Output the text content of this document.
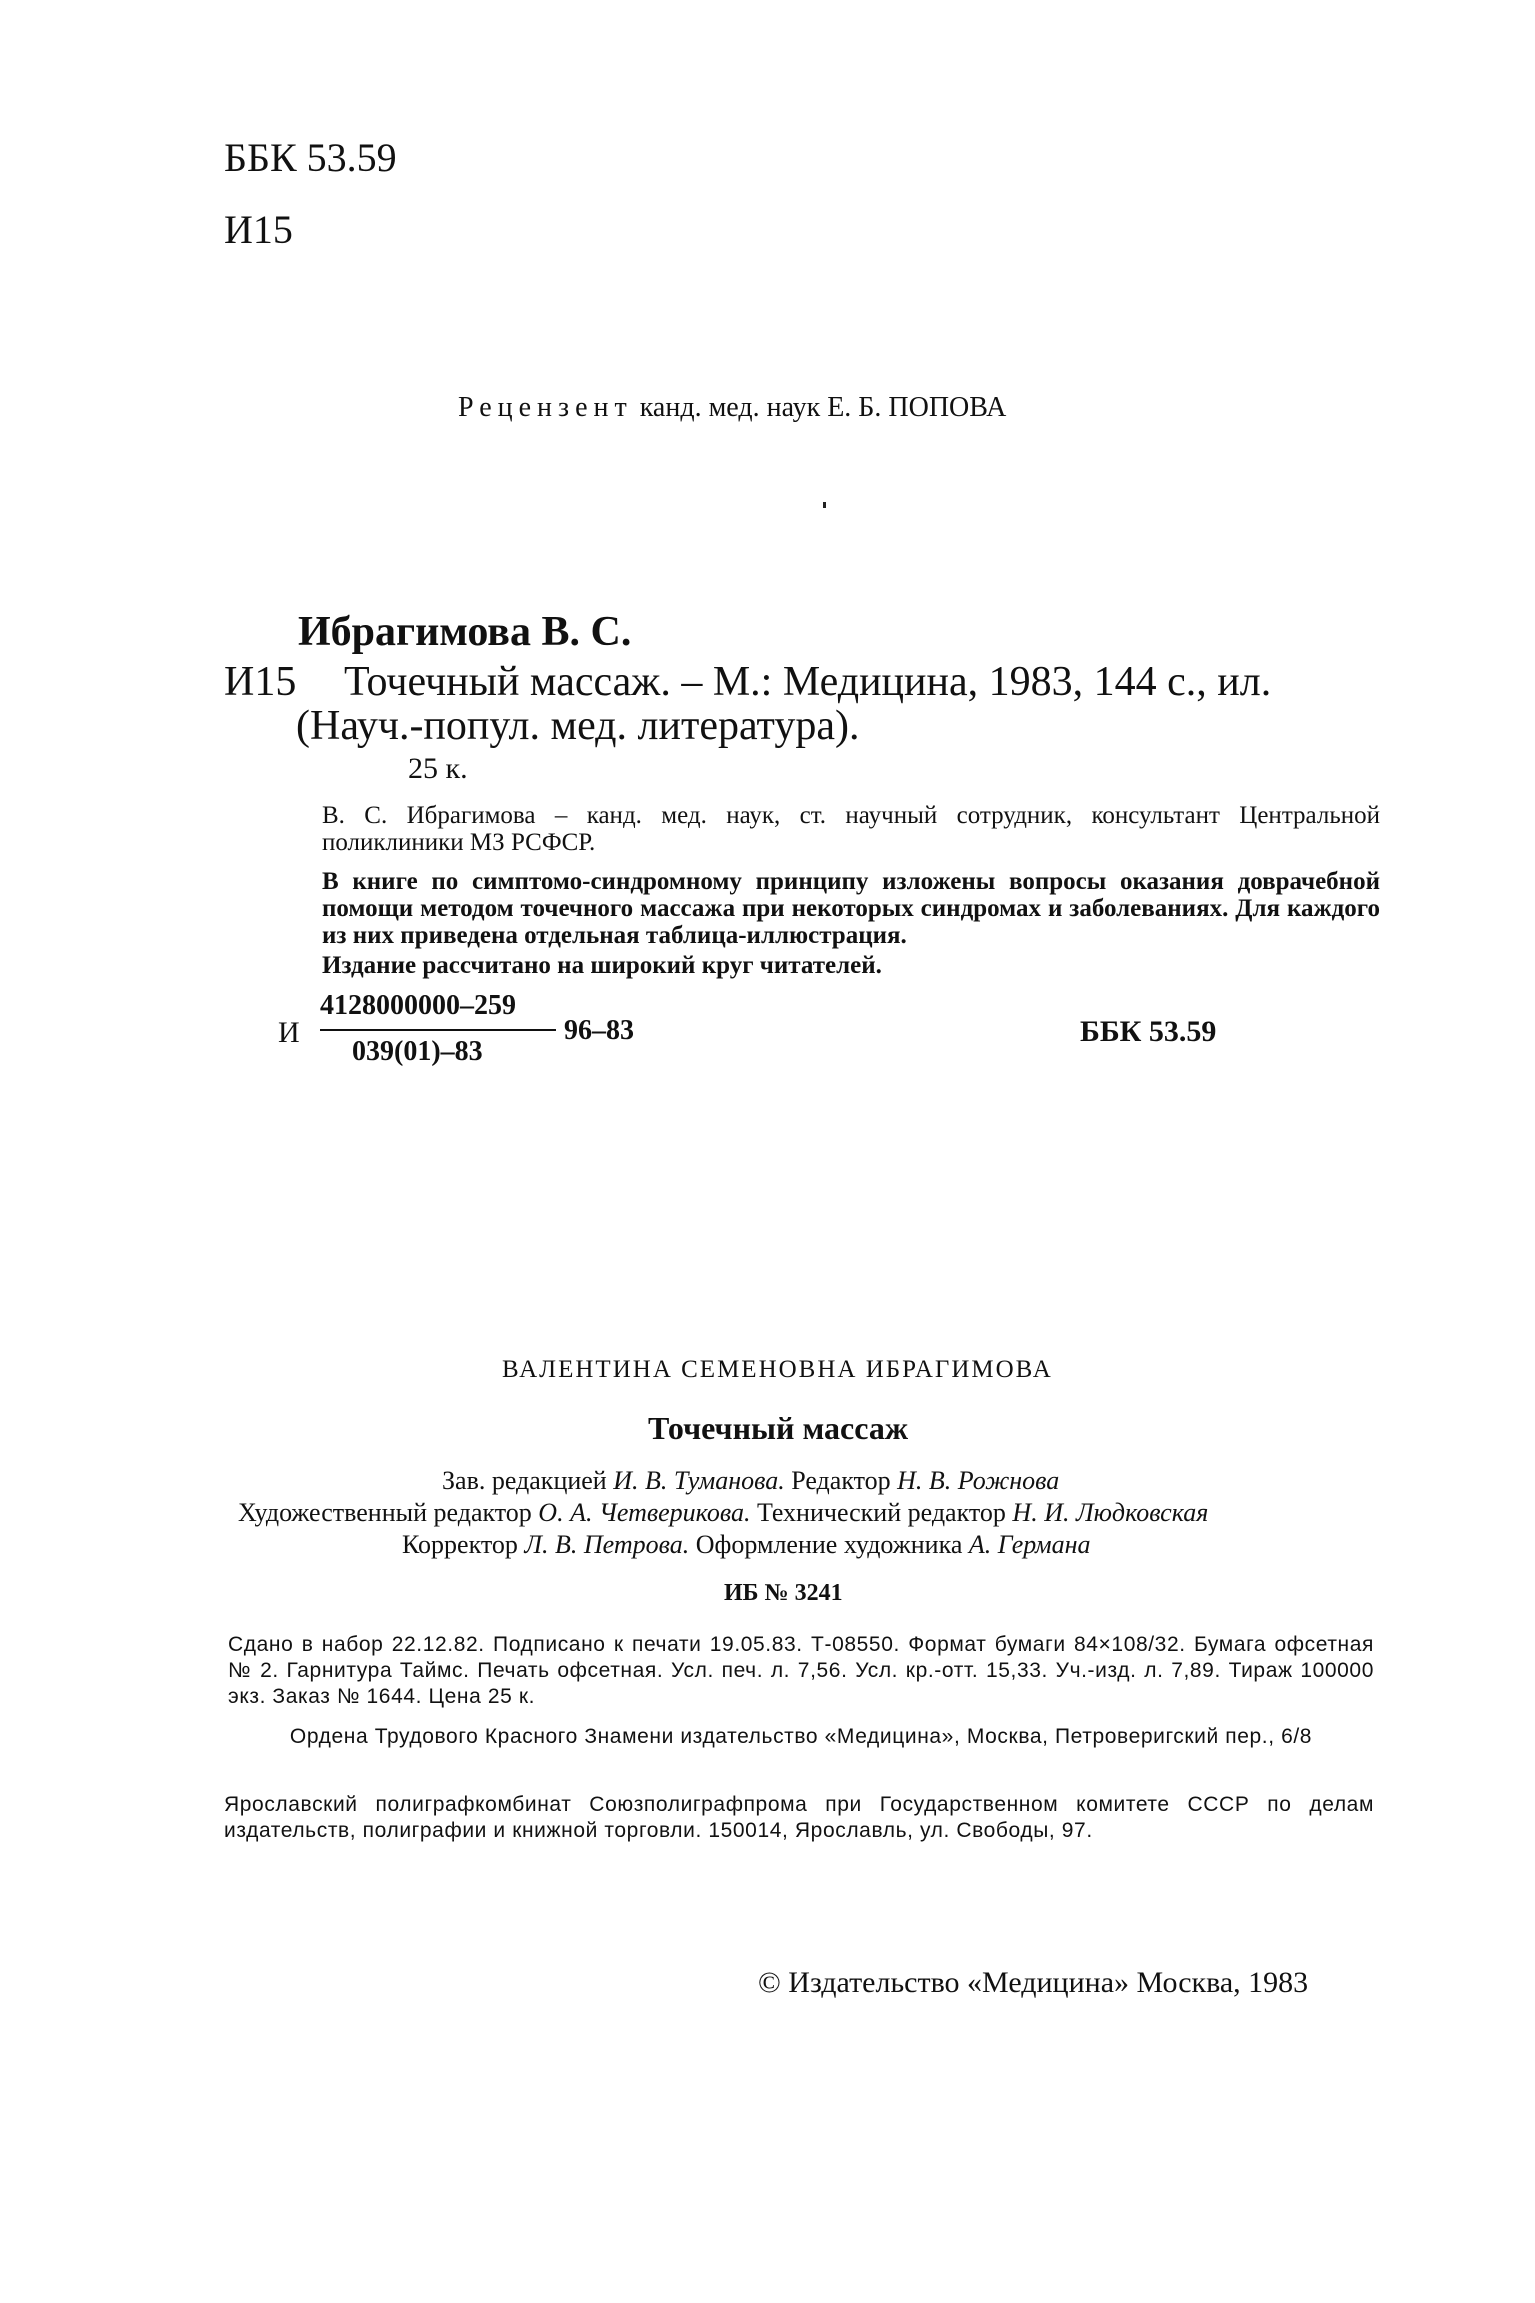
ББК 53.59
И15
Рецензент канд. мед. наук Е. Б. ПОПОВА
Ибрагимова В. С.
И15 Точечный массаж. – М.: Медицина, 1983, 144 с., ил.
(Науч.-попул. мед. литература).
25 к.
В. С. Ибрагимова – канд. мед. наук, ст. научный сотрудник, консультант Центральной поликлиники МЗ РСФСР.
В книге по симптомо-синдромному принципу изложены вопросы оказания доврачебной помощи методом точечного массажа при некоторых синдромах и заболеваниях. Для каждого из них приведена отдельная таблица-иллюстрация.
Издание рассчитано на широкий круг читателей.
И
4128000000–259
039(01)–83
96–83	ББК 53.59
ВАЛЕНТИНА СЕМЕНОВНА ИБРАГИМОВА
Точечный массаж
Зав. редакцией И. В. Туманова. Редактор Н. В. Рожнова
Художественный редактор О. А. Четверикова. Технический редактор Н. И. Людковская
Корректор Л. В. Петрова. Оформление художника А. Германа
ИБ № 3241
Сдано в набор 22.12.82. Подписано к печати 19.05.83. Т-08550. Формат бумаги 84×108/32. Бумага офсетная № 2. Гарнитура Таймс. Печать офсетная. Усл. печ. л. 7,56. Усл. кр.-отт. 15,33. Уч.-изд. л. 7,89. Тираж 100000 экз. Заказ № 1644. Цена 25 к.
Ордена Трудового Красного Знамени издательство «Медицина», Москва, Петроверигский пер., 6/8
Ярославский полиграфкомбинат Союзполиграфпрома при Государственном комитете СССР по делам издательств, полиграфии и книжной торговли. 150014, Ярославль, ул. Свободы, 97.
© Издательство «Медицина» Москва, 1983
